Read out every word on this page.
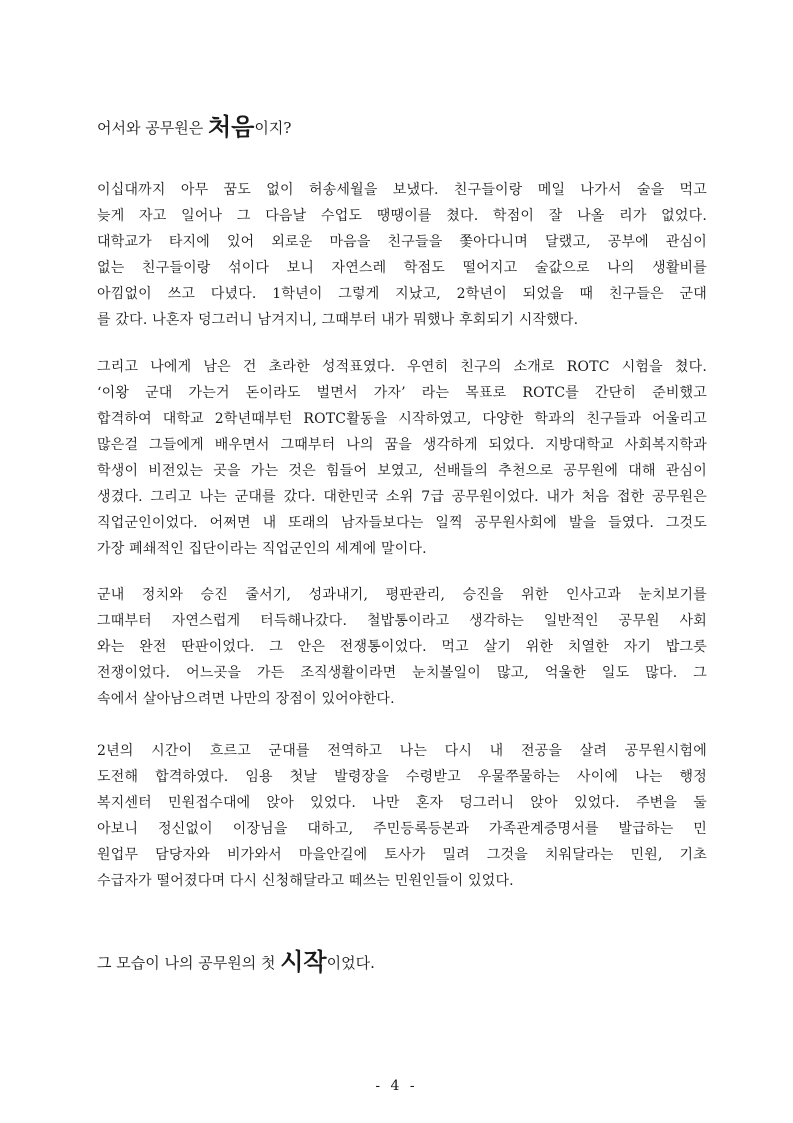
어서와 공무원은 처음이지?
이십대까지 아무 꿈도 없이 허송세월을 보냈다. 친구들이랑 메일 나가서 술을 먹고
늦게 자고 일어나 그 다음날 수업도 땡땡이를 쳤다. 학점이 잘 나올 리가 없었다.
대학교가 타지에 있어 외로운 마음을 친구들을 쫓아다니며 달랬고, 공부에 관심이
없는 친구들이랑 섞이다 보니 자연스레 학점도 떨어지고 술값으로 나의 생활비를
아낌없이 쓰고 다녔다. 1학년이 그렇게 지났고, 2학년이 되었을 때 친구들은 군대
를 갔다. 나혼자 덩그러니 남겨지니, 그때부터 내가 뭐했나 후회되기 시작했다.
그리고 나에게 남은 건 초라한 성적표였다. 우연히 친구의 소개로 ROTC 시험을 쳤다.
‘이왕 군대 가는거 돈이라도 벌면서 가자’ 라는 목표로 ROTC를 간단히 준비했고
합격하여 대학교 2학년때부턴 ROTC활동을 시작하였고, 다양한 학과의 친구들과 어울리고
많은걸 그들에게 배우면서 그때부터 나의 꿈을 생각하게 되었다. 지방대학교 사회복지학과
학생이 비전있는 곳을 가는 것은 힘들어 보였고, 선배들의 추천으로 공무원에 대해 관심이
생겼다. 그리고 나는 군대를 갔다. 대한민국 소위 7급 공무원이었다. 내가 처음 접한 공무원은
직업군인이었다. 어쩌면 내 또래의 남자들보다는 일찍 공무원사회에 발을 들였다. 그것도
가장 폐쇄적인 집단이라는 직업군인의 세계에 말이다.
군내 정치와 승진 줄서기, 성과내기, 평판관리, 승진을 위한 인사고과 눈치보기를
그때부터 자연스럽게 터득해나갔다. 철밥통이라고 생각하는 일반적인 공무원 사회
와는 완전 딴판이었다. 그 안은 전쟁통이었다. 먹고 살기 위한 치열한 자기 밥그릇
전쟁이었다. 어느곳을 가든 조직생활이라면 눈치볼일이 많고, 억울한 일도 많다. 그
속에서 살아남으려면 나만의 장점이 있어야한다.
2년의 시간이 흐르고 군대를 전역하고 나는 다시 내 전공을 살려 공무원시험에
도전해 합격하였다. 임용 첫날 발령장을 수령받고 우물쭈물하는 사이에 나는 행정
복지센터 민원접수대에 앉아 있었다. 나만 혼자 덩그러니 앉아 있었다. 주변을 둘
아보니 정신없이 이장님을 대하고, 주민등록등본과 가족관계증명서를 발급하는 민
원업무 담당자와 비가와서 마을안길에 토사가 밀려 그것을 치워달라는 민원, 기초
수급자가 떨어졌다며 다시 신청해달라고 떼쓰는 민원인들이 있었다.
그 모습이 나의 공무원의 첫 시작이었다.
- 4 -
